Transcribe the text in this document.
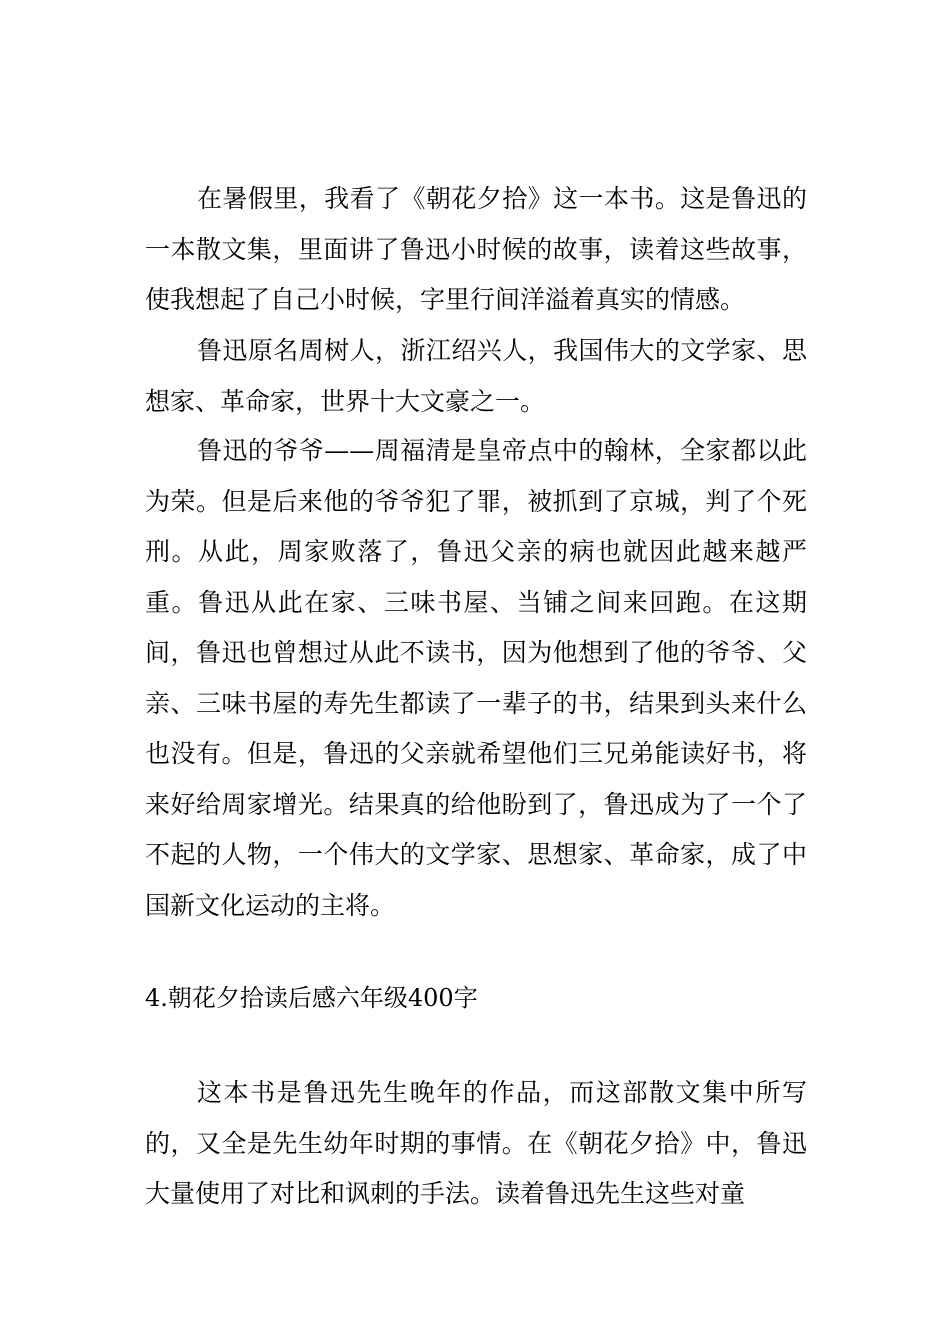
在暑假里，我看了《朝花夕拾》这一本书。这是鲁迅的一本散文集，里面讲了鲁迅小时候的故事，读着这些故事，使我想起了自己小时候，字里行间洋溢着真实的情感。

鲁迅原名周树人，浙江绍兴人，我国伟大的文学家、思想家、革命家，世界十大文豪之一。

鲁迅的爷爷——周福清是皇帝点中的翰林，全家都以此为荣。但是后来他的爷爷犯了罪，被抓到了京城，判了个死刑。从此，周家败落了，鲁迅父亲的病也就因此越来越严重。鲁迅从此在家、三味书屋、当铺之间来回跑。在这期间，鲁迅也曾想过从此不读书，因为他想到了他的爷爷、父亲、三味书屋的寿先生都读了一辈子的书，结果到头来什么也没有。但是，鲁迅的父亲就希望他们三兄弟能读好书，将来好给周家增光。结果真的给他盼到了，鲁迅成为了一个了不起的人物，一个伟大的文学家、思想家、革命家，成了中国新文化运动的主将。

4.朝花夕拾读后感六年级400字

这本书是鲁迅先生晚年的作品，而这部散文集中所写的，又全是先生幼年时期的事情。在《朝花夕拾》中，鲁迅大量使用了对比和讽刺的手法。读着鲁迅先生这些对童
